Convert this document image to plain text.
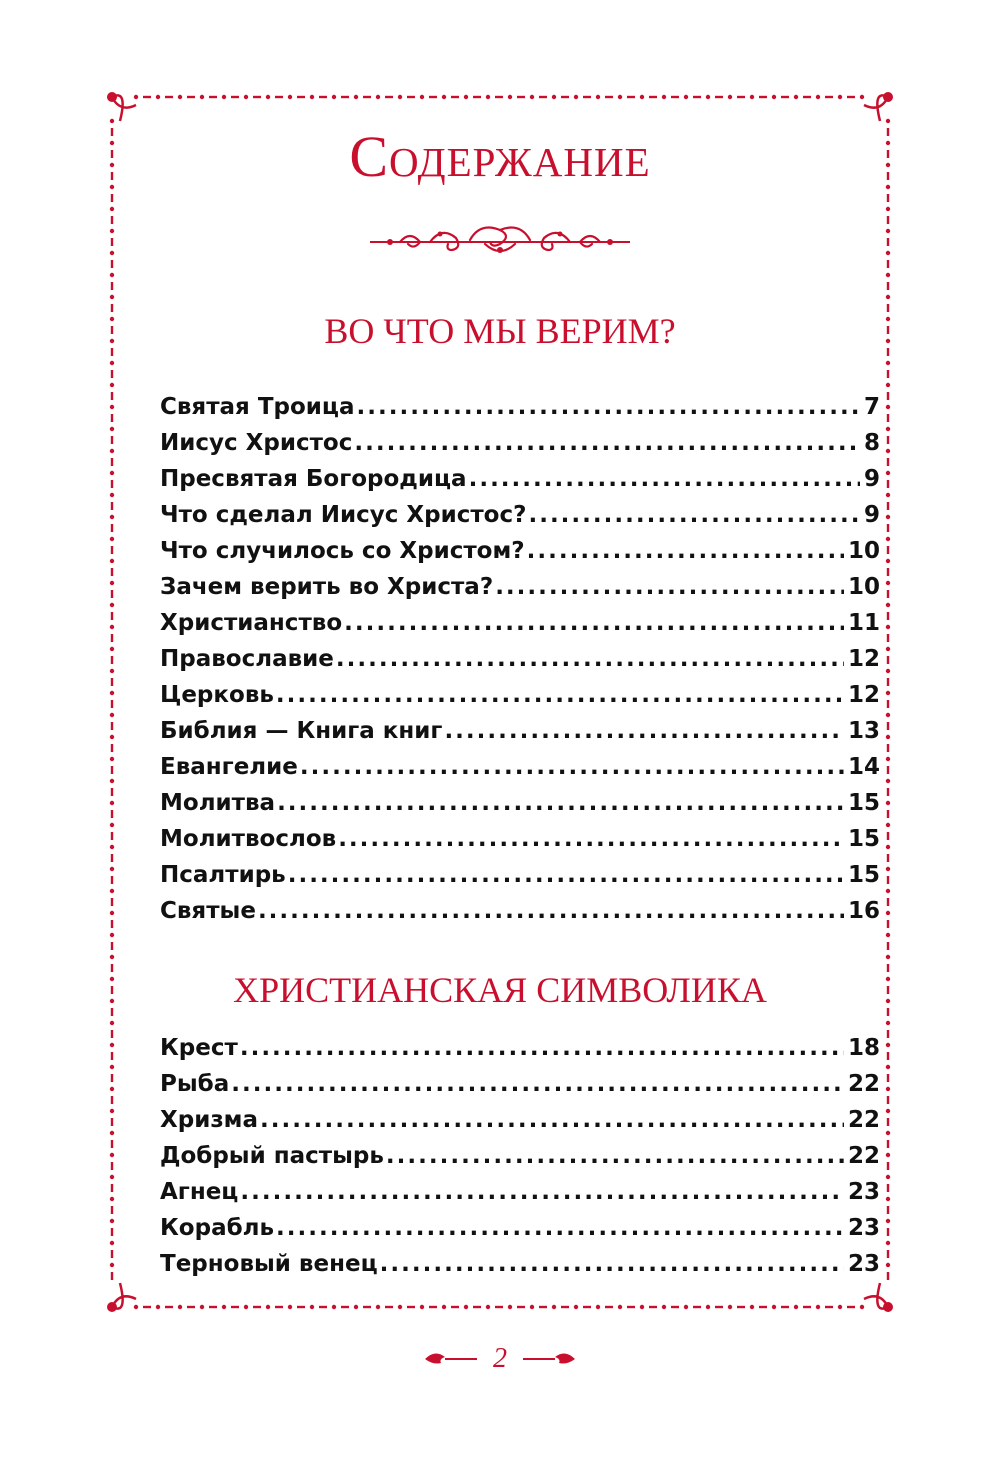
Содержание
ВО ЧТО МЫ ВЕРИМ?
Святая Троица . . .	7
Иисус Христос . . .	8
Пресвятая Богородица . . .	9
Что сделал Иисус Христос? . . .	9
Что случилось со Христом? . . .	10
Зачем верить во Христа? . . .	10
Христианство . . .	11
Православие . . .	12
Церковь . . .	12
Библия — Книга книг . . .	13
Евангелие . . .	14
Молитва . . .	15
Молитвослов . . .	15
Псалтирь . . .	15
Святые . . .	16
ХРИСТИАНСКАЯ СИМВОЛИКА
Крест . . .	18
Рыба . . .	22
Хризма . . .	22
Добрый пастырь . . .	22
Агнец . . .	23
Корабль . . .	23
Терновый венец . . .	23
2
